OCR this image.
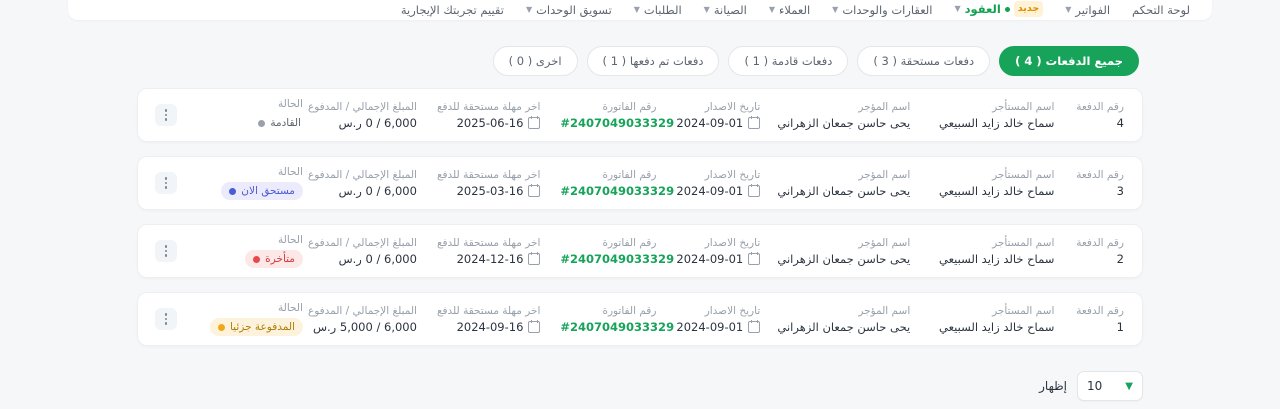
لوحة التحكم
الفواتير
▼
جديد
العقود
▼
العقارات والوحدات
▼
العملاء
▼
الصيانة
▼
الطلبات
▼
تسويق الوحدات
▼
تقييم تجربتك الإيجارية
جميع الدفعات ( 4 )
دفعات مستحقة ( 3 )
دفعات قادمة ( 1 )
دفعات تم دفعها ( 1 )
اخرى ( 0 )
رقم الدفعة
4
اسم المستأجر
سماح خالد زايد السبيعي
اسم المؤجر
يحى حاسن جمعان الزهراني
تاريخ الاصدار
2024-09-01
رقم الفاتورة
#2407049033329
اخر مهلة مستحقة للدفع
2025-06-16
المبلغ الإجمالي / المدفوع
6,000 / 0 ر.س
الحالة
القادمة
رقم الدفعة
3
اسم المستأجر
سماح خالد زايد السبيعي
اسم المؤجر
يحى حاسن جمعان الزهراني
تاريخ الاصدار
2024-09-01
رقم الفاتورة
#2407049033329
اخر مهلة مستحقة للدفع
2025-03-16
المبلغ الإجمالي / المدفوع
6,000 / 0 ر.س
الحالة
مستحق الان
رقم الدفعة
2
اسم المستأجر
سماح خالد زايد السبيعي
اسم المؤجر
يحى حاسن جمعان الزهراني
تاريخ الاصدار
2024-09-01
رقم الفاتورة
#2407049033329
اخر مهلة مستحقة للدفع
2024-12-16
المبلغ الإجمالي / المدفوع
6,000 / 0 ر.س
الحالة
متأخرة
رقم الدفعة
1
اسم المستأجر
سماح خالد زايد السبيعي
اسم المؤجر
يحى حاسن جمعان الزهراني
تاريخ الاصدار
2024-09-01
رقم الفاتورة
#2407049033329
اخر مهلة مستحقة للدفع
2024-09-16
المبلغ الإجمالي / المدفوع
6,000 / 5,000 ر.س
الحالة
المدفوعة جزئيا
▼
10
إظهار
